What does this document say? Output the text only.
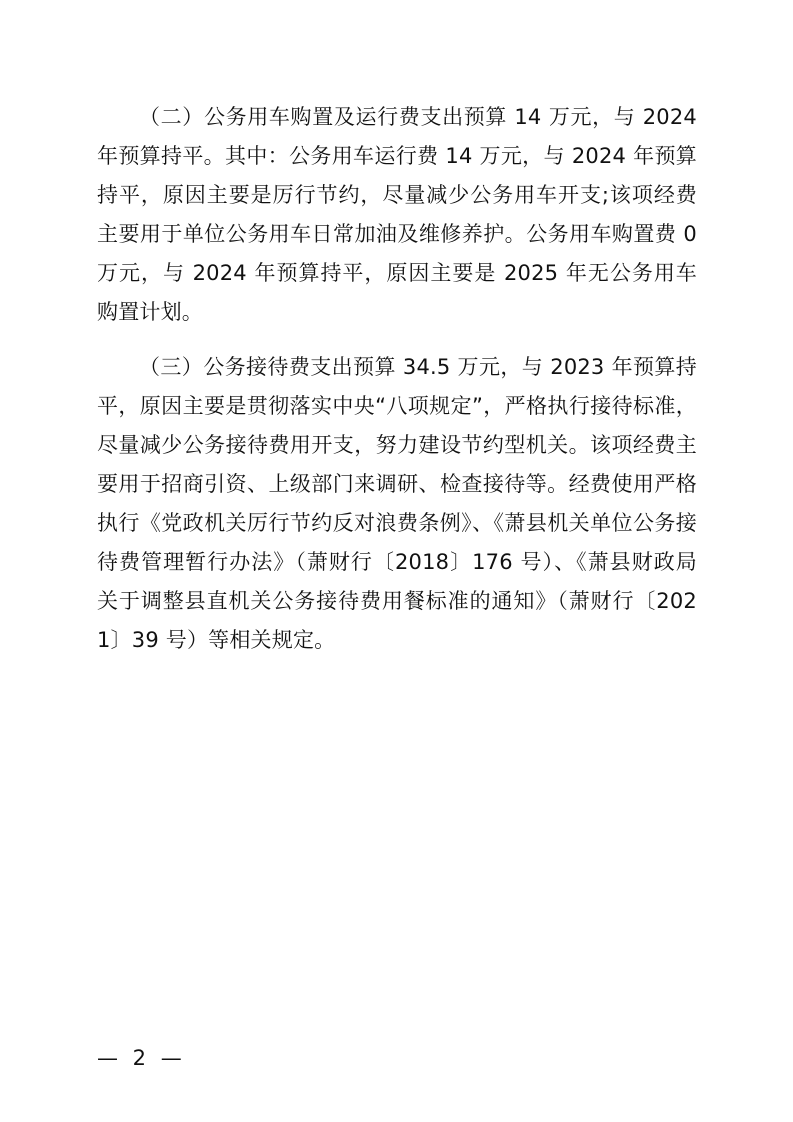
（二）公务用车购置及运行费支出预算 14 万元，与 2024 年预算持平。其中：公务用车运行费 14 万元，与 2024 年预算持平，原因主要是厉行节约，尽量减少公务用车开支;该项经费主要用于单位公务用车日常加油及维修养护。公务用车购置费 0 万元，与 2024 年预算持平，原因主要是 2025 年无公务用车购置计划。

（三）公务接待费支出预算 34.5 万元，与 2023 年预算持平，原因主要是贯彻落实中央“八项规定”，严格执行接待标准，尽量减少公务接待费用开支，努力建设节约型机关。该项经费主要用于招商引资、上级部门来调研、检查接待等。经费使用严格执行《党政机关厉行节约反对浪费条例》、《萧县机关单位公务接待费管理暂行办法》（萧财行〔2018〕176 号）、《萧县财政局关于调整县直机关公务接待费用餐标准的通知》（萧财行〔2021〕39 号）等相关规定。

— 2 —
